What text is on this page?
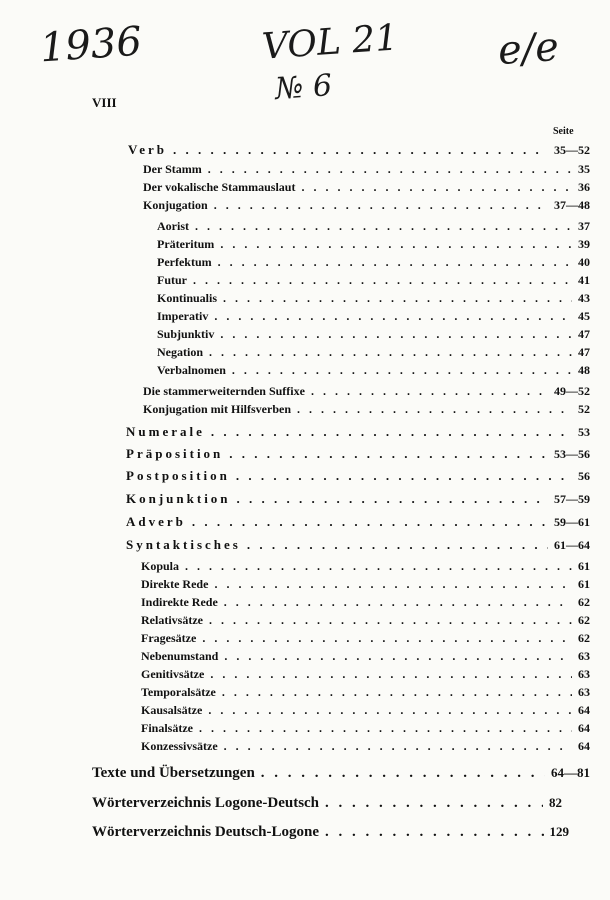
1936	VOL 21
№ 6
e/e
VIII
Seite
Verb . . .	35—52
Der Stamm . . .	35
Der vokalische Stammauslaut . . .	36
Konjugation . . .	37—48
Aorist . . .	37
Präteritum . . .	39
Perfektum . . .	40
Futur . . .	41
Kontinualis . . .	43
Imperativ . . .	45
Subjunktiv . . .	47
Negation . . .	47
Verbalnomen . . .	48
Die stammerweiternden Suffixe . . .	49—52
Konjugation mit Hilfsverben . . .	52
Numerale . . .	53
Präposition . . .	53—56
Postposition . . .	56
Konjunktion . . .	57—59
Adverb . . .	59—61
Syntaktisches . . .	61—64
Kopula . . .	61
Direkte Rede . . .	61
Indirekte Rede . . .	62
Relativsätze . . .	62
Fragesätze . . .	62
Nebenumstand . . .	63
Genitivsätze . . .	63
Temporalsätze . . .	63
Kausalsätze . . .	64
Finalsätze . . .	64
Konzessivsätze . . .	64
Texte und Übersetzungen . . .	64—81
Wörterverzeichnis Logone-Deutsch . . .	82
Wörterverzeichnis Deutsch-Logone . . .	129
